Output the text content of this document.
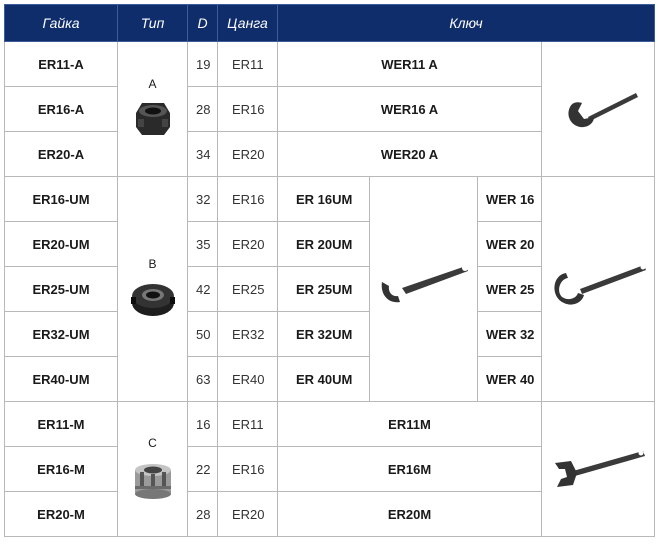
Гайка	Тип	D	Цанга	Ключ			
ER11-A	A	19	ER11	WER11 A	
ER16-A		28	ER16	WER16 A			
ER20-A		34	ER20	WER20 A			
ER16-UM	B	32	ER16	ER 16UM		WER 16	
ER20-UM		35	ER20	ER 20UM		WER 20	
ER25-UM		42	ER25	ER 25UM		WER 25	
ER32-UM		50	ER32	ER 32UM		WER 32	
ER40-UM		63	ER40	ER 40UM		WER 40	
ER11-M	C	16	ER11	ER11M	
ER16-M		22	ER16	ER16M			
ER20-M		28	ER20	ER20M			
